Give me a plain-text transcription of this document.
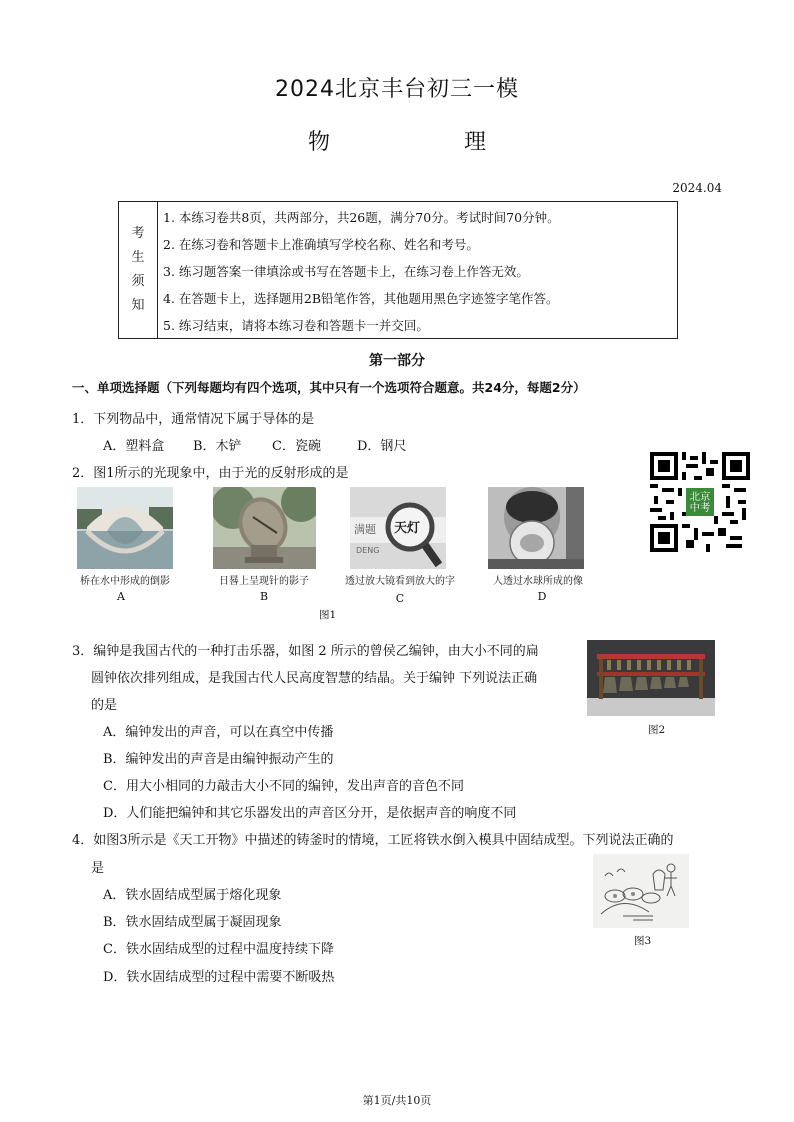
2024北京丰台初三一模
物　　理
2024.04
考
生
须
知
1. 本练习卷共8页，共两部分，共26题，满分70分。考试时间70分钟。
2. 在练习卷和答题卡上准确填写学校名称、姓名和考号。
3. 练习题答案一律填涂或书写在答题卡上，在练习卷上作答无效。
4. 在答题卡上，选择题用2B铅笔作答，其他题用黑色字迹签字笔作答。
5. 练习结束，请将本练习卷和答题卡一并交回。
第一部分
一、单项选择题（下列每题均有四个选项，其中只有一个选项符合题意。共24分，每题2分）
1．下列物品中，通常情况下属于导体的是
A．塑料盒 B．木铲 C．瓷碗	D．钢尺
2．图1所示的光现象中，由于光的反射形成的是
北京
中考
满题 天灯
DENG
桥在水中形成的倒影	日晷上呈现针的影子	透过放大镜看到放大的字	人透过水球所成的像
A	B	C	D
图1
3．编钟是我国古代的一种打击乐器，如图 2 所示的曾侯乙编钟，由大小不同的扁
圆钟依次排列组成，是我国古代人民高度智慧的结晶。关于编钟 下列说法正确
的是
A．编钟发出的声音，可以在真空中传播
B．编钟发出的声音是由编钟振动产生的
C．用大小相同的力敲击大小不同的编钟，发出声音的音色不同
D．人们能把编钟和其它乐器发出的声音区分开，是依据声音的响度不同
图2
4．如图3所示是《天工开物》中描述的铸釜时的情境，工匠将铁水倒入模具中固结成型。下列说法正确的
是
A．铁水固结成型属于熔化现象
B．铁水固结成型属于凝固现象
C．铁水固结成型的过程中温度持续下降
D．铁水固结成型的过程中需要不断吸热
图3
第1页/共10页
